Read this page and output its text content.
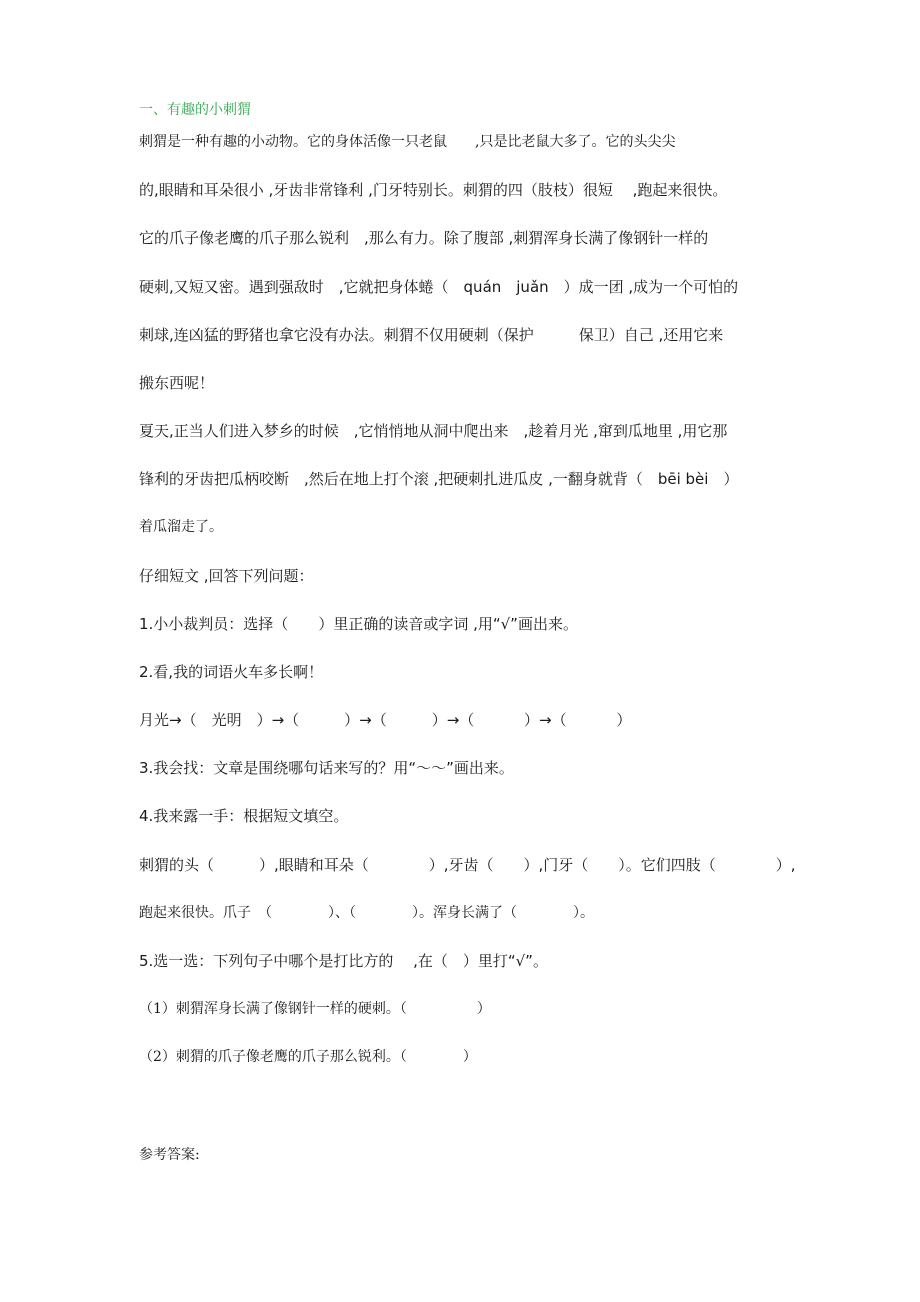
一、有趣的小刺猬
刺猬是一种有趣的小动物。它的身体活像一只老鼠　　,只是比老鼠大多了。它的头尖尖
的,眼睛和耳朵很小 ,牙齿非常锋利 ,门牙特别长。刺猬的四（肢枝）很短　 ,跑起来很快。
它的爪子像老鹰的爪子那么锐利　,那么有力。除了腹部 ,刺猬浑身长满了像钢针一样的
硬刺,又短又密。遇到强敌时　,它就把身体蜷（　quán　juǎn　）成一团 ,成为一个可怕的
刺球,连凶猛的野猪也拿它没有办法。刺猬不仅用硬刺（保护　　　保卫）自己 ,还用它来
搬东西呢！
夏天,正当人们进入梦乡的时候　,它悄悄地从洞中爬出来　,趁着月光 ,窜到瓜地里 ,用它那
锋利的牙齿把瓜柄咬断　,然后在地上打个滚 ,把硬刺扎进瓜皮 ,一翻身就背（　bēi bèi　）
着瓜溜走了。
仔细短文 ,回答下列问题：
1.小小裁判员：选择（　　）里正确的读音或字词 ,用“√”画出来。
2.看,我的词语火车多长啊！
月光→（　光明　）→（　　　）→（　　　）→（　　　 ）→（　　　 ）
3.我会找：文章是围绕哪句话来写的？用“～～”画出来。
4.我来露一手：根据短文填空。
刺猬的头（　　　）,眼睛和耳朵（　　　　）,牙齿（　　）,门牙（　　）。它们四肢（　　　　）,
跑起来很快。爪子　（　　　　）、（　　　　）。浑身长满了（　　　　）。
5.选一选：下列句子中哪个是打比方的　 ,在（　）里打“√”。
（1）刺猬浑身长满了像钢针一样的硬刺。（　　　　　）
（2）刺猬的爪子像老鹰的爪子那么锐利。（　　　　）
参考答案:
